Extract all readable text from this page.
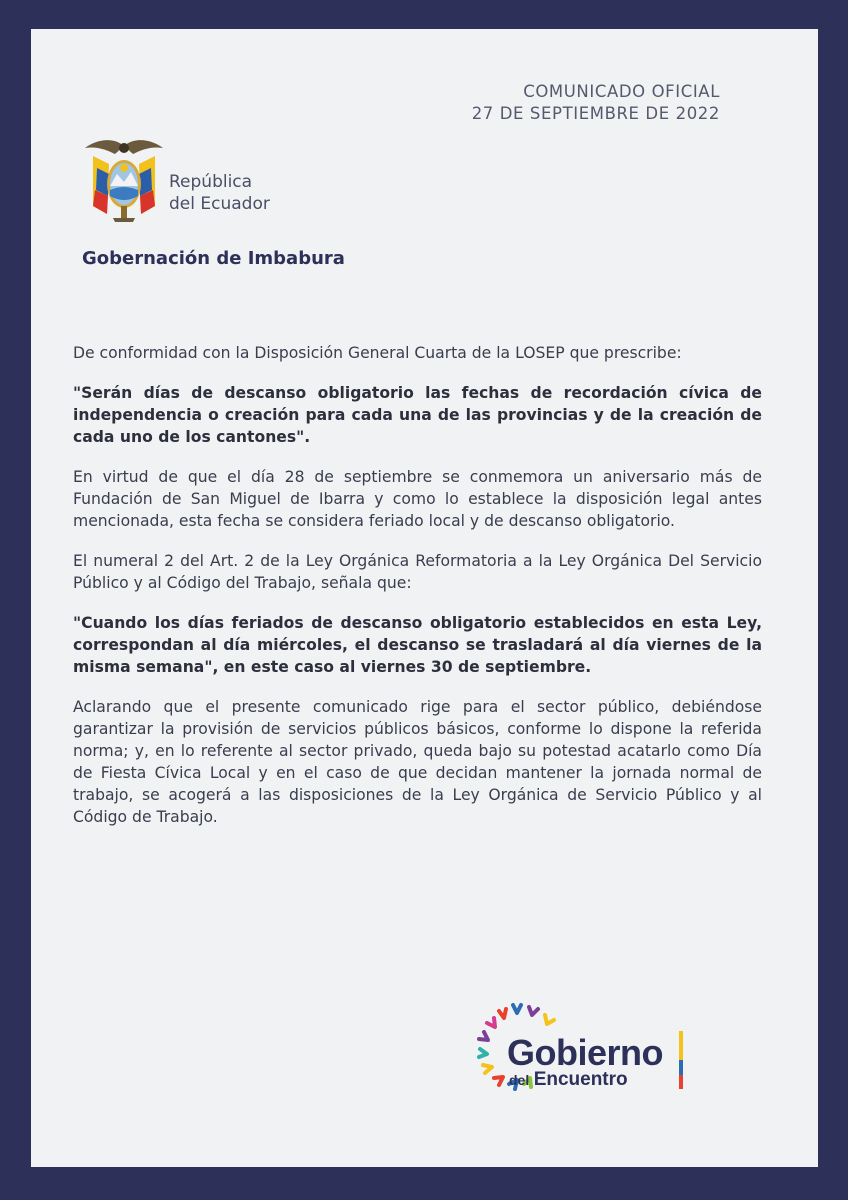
COMUNICADO OFICIAL
27 DE SEPTIEMBRE DE 2022
República
del Ecuador
Gobernación de Imbabura

De conformidad con la Disposición General Cuarta de la LOSEP que prescribe:

"Serán días de descanso obligatorio las fechas de recordación cívica de independencia o creación para cada una de las provincias y de la creación de cada uno de los cantones".

En virtud de que el día 28 de septiembre se conmemora un aniversario más de Fundación de San Miguel de Ibarra y como lo establece la disposición legal antes mencionada, esta fecha se considera feriado local y de descanso obligatorio.

El numeral 2 del Art. 2 de la Ley Orgánica Reformatoria a la Ley Orgánica Del Servicio Público y al Código del Trabajo, señala que:

"Cuando los días feriados de descanso obligatorio establecidos en esta Ley, correspondan al día miércoles, el descanso se trasladará al día viernes de la misma semana", en este caso al viernes 30 de septiembre.

Aclarando que el presente comunicado rige para el sector público, debiéndose garantizar la provisión de servicios públicos básicos, conforme lo dispone la referida norma; y, en lo referente al sector privado, queda bajo su potestad acatarlo como Día de Fiesta Cívica Local y en el caso de que decidan mantener la jornada normal de trabajo, se acogerá a las disposiciones de la Ley Orgánica de Servicio Público y al Código de Trabajo.

Gobierno
del Encuentro
